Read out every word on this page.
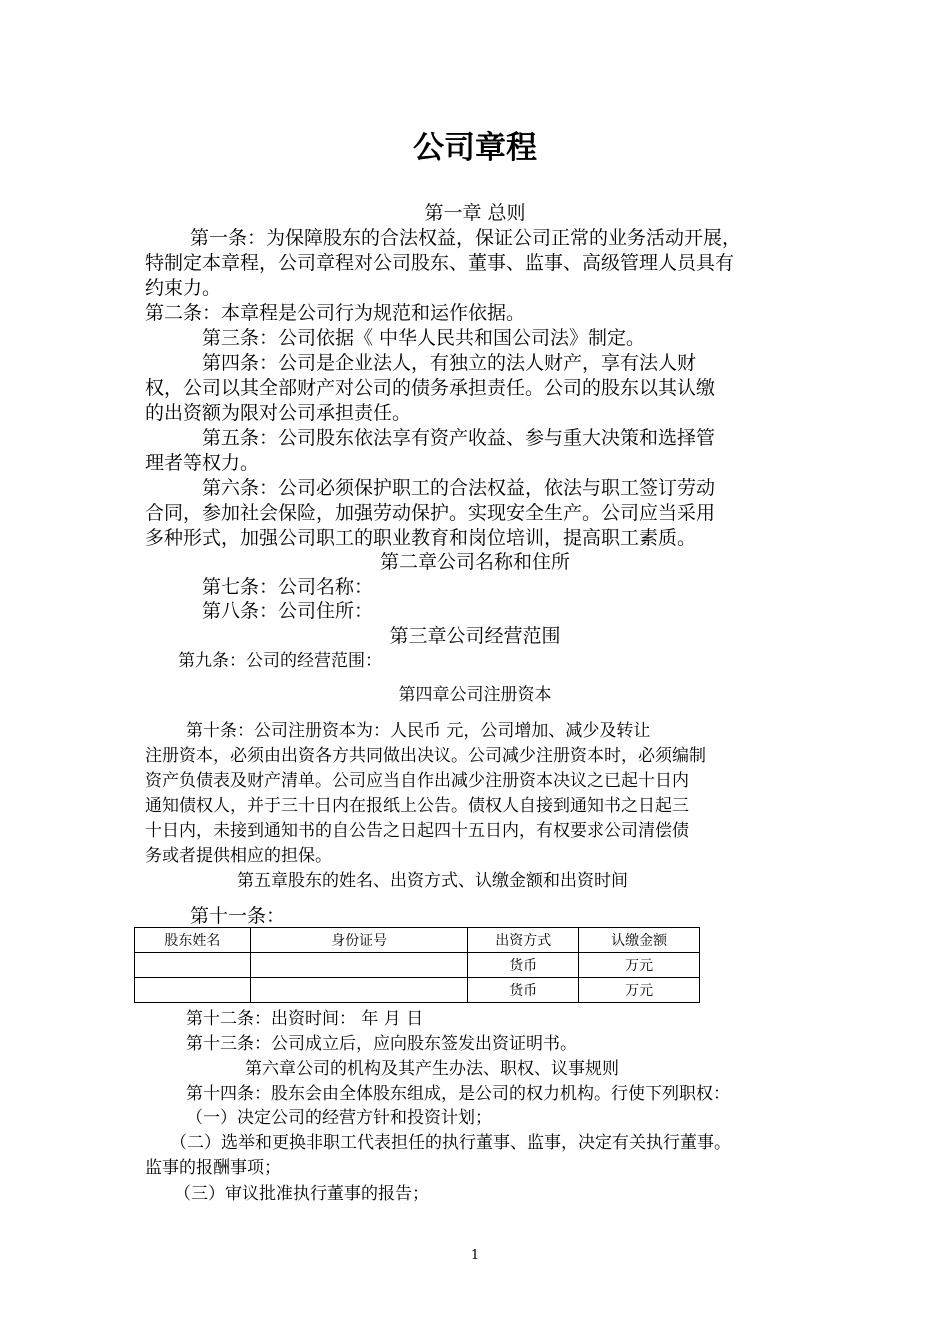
公司章程
第一章 总则
第一条：为保障股东的合法权益，保证公司正常的业务活动开展，
特制定本章程，公司章程对公司股东、董事、监事、高级管理人员具有
约束力。
第二条：本章程是公司行为规范和运作依据。
第三条：公司依据《 中华人民共和国公司法》制定。
第四条：公司是企业法人，有独立的法人财产，享有法人财
权，公司以其全部财产对公司的债务承担责任。公司的股东以其认缴
的出资额为限对公司承担责任。
第五条：公司股东依法享有资产收益、参与重大决策和选择管
理者等权力。
第六条：公司必须保护职工的合法权益，依法与职工签订劳动
合同，参加社会保险，加强劳动保护。实现安全生产。公司应当采用
多种形式，加强公司职工的职业教育和岗位培训，提高职工素质。
第二章公司名称和住所
第七条：公司名称：
第八条：公司住所：
第三章公司经营范围
第九条：公司的经营范围：
第四章公司注册资本
第十条：公司注册资本为：人民币 元，公司增加、减少及转让
注册资本，必须由出资各方共同做出决议。公司减少注册资本时，必须编制
资产负债表及财产清单。公司应当自作出减少注册资本决议之已起十日内
通知债权人，并于三十日内在报纸上公告。债权人自接到通知书之日起三
十日内，未接到通知书的自公告之日起四十五日内，有权要求公司清偿债
务或者提供相应的担保。
第五章股东的姓名、出资方式、认缴金额和出资时间
第十一条：
股东姓名	身份证号	出资方式	认缴金额
		货币	万元
		货币	万元
第十二条：出资时间： 年 月 日
第十三条：公司成立后，应向股东签发出资证明书。
第六章公司的机构及其产生办法、职权、议事规则
第十四条：股东会由全体股东组成，是公司的权力机构。行使下列职权：
（一）决定公司的经营方针和投资计划；
（二）选举和更换非职工代表担任的执行董事、监事，决定有关执行董事。
监事的报酬事项；
（三）审议批准执行董事的报告；
1
